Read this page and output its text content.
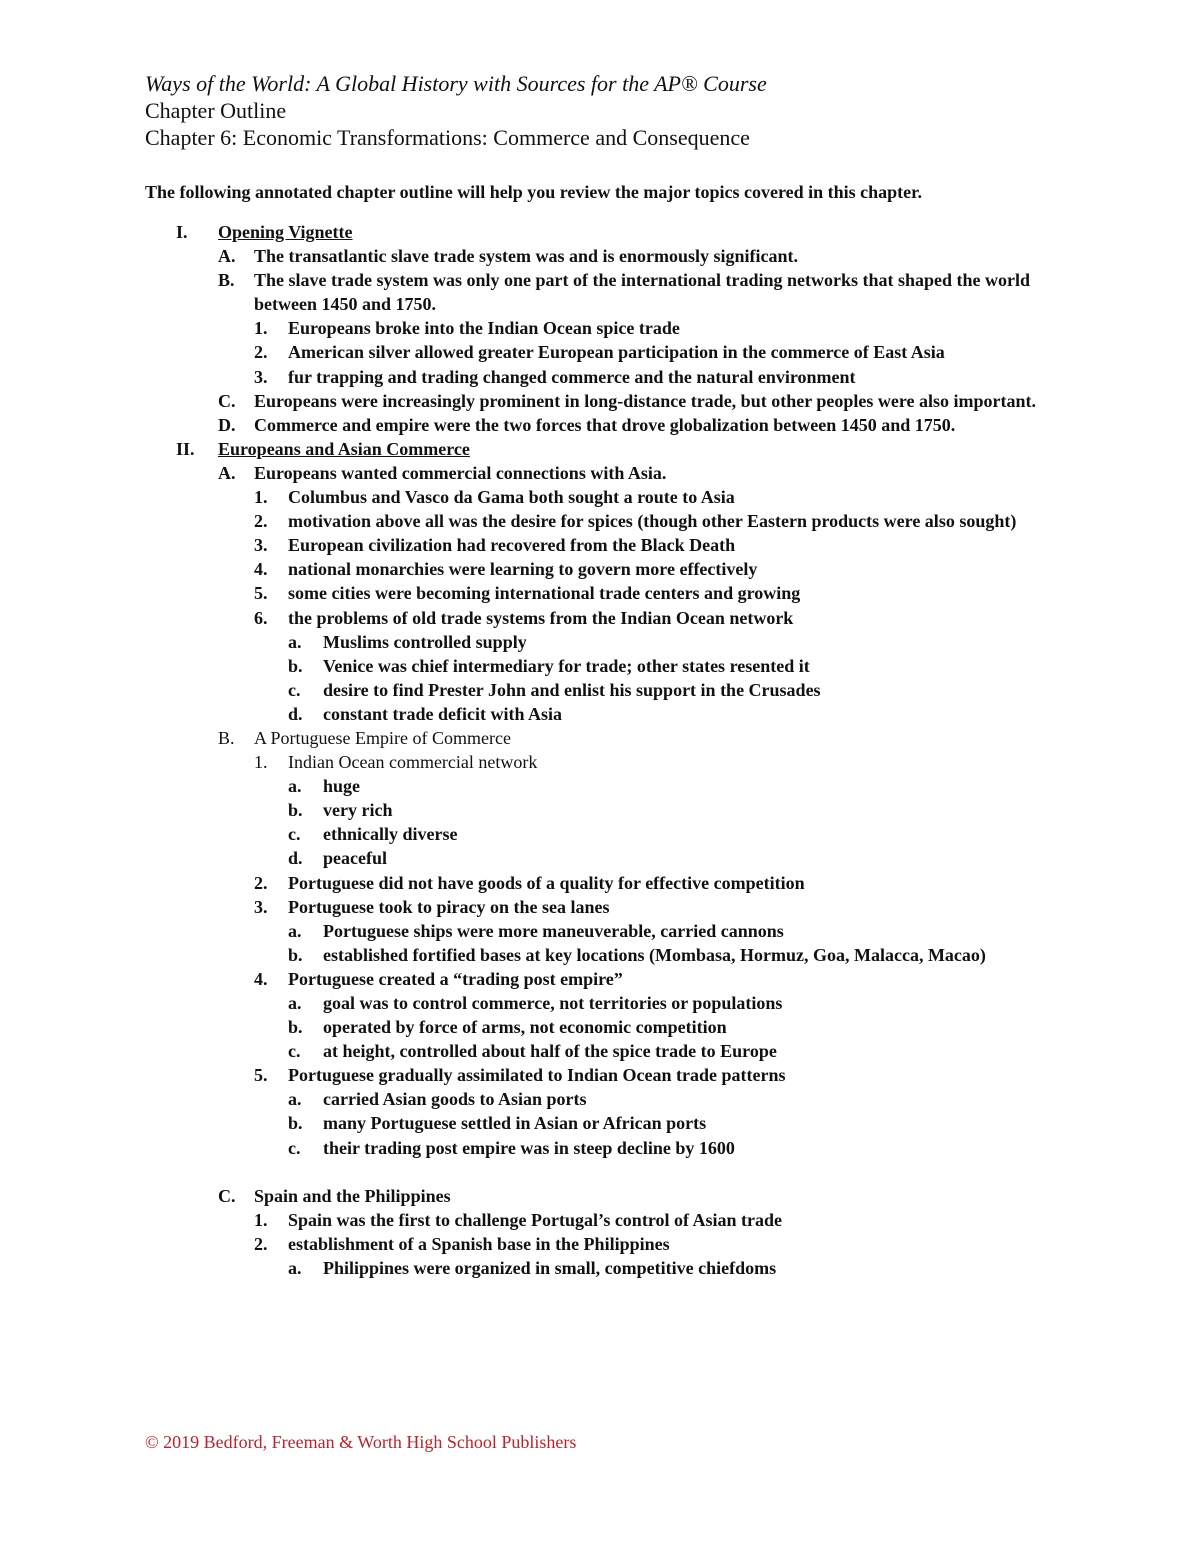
Ways of the World: A Global History with Sources for the AP® Course
Chapter Outline
Chapter 6: Economic Transformations: Commerce and Consequence
The following annotated chapter outline will help you review the major topics covered in this chapter.
I. Opening Vignette
A. The transatlantic slave trade system was and is enormously significant.
B. The slave trade system was only one part of the international trading networks that shaped the world between 1450 and 1750.
1. Europeans broke into the Indian Ocean spice trade
2. American silver allowed greater European participation in the commerce of East Asia
3. fur trapping and trading changed commerce and the natural environment
C. Europeans were increasingly prominent in long-distance trade, but other peoples were also important.
D. Commerce and empire were the two forces that drove globalization between 1450 and 1750.
II. Europeans and Asian Commerce
A. Europeans wanted commercial connections with Asia.
1. Columbus and Vasco da Gama both sought a route to Asia
2. motivation above all was the desire for spices (though other Eastern products were also sought)
3. European civilization had recovered from the Black Death
4. national monarchies were learning to govern more effectively
5. some cities were becoming international trade centers and growing
6. the problems of old trade systems from the Indian Ocean network
a. Muslims controlled supply
b. Venice was chief intermediary for trade; other states resented it
c. desire to find Prester John and enlist his support in the Crusades
d. constant trade deficit with Asia
B. A Portuguese Empire of Commerce
1. Indian Ocean commercial network
a. huge
b. very rich
c. ethnically diverse
d. peaceful
2. Portuguese did not have goods of a quality for effective competition
3. Portuguese took to piracy on the sea lanes
a. Portuguese ships were more maneuverable, carried cannons
b. established fortified bases at key locations (Mombasa, Hormuz, Goa, Malacca, Macao)
4. Portuguese created a “trading post empire”
a. goal was to control commerce, not territories or populations
b. operated by force of arms, not economic competition
c. at height, controlled about half of the spice trade to Europe
5. Portuguese gradually assimilated to Indian Ocean trade patterns
a. carried Asian goods to Asian ports
b. many Portuguese settled in Asian or African ports
c. their trading post empire was in steep decline by 1600
C. Spain and the Philippines
1. Spain was the first to challenge Portugal’s control of Asian trade
2. establishment of a Spanish base in the Philippines
a. Philippines were organized in small, competitive chiefdoms
© 2019 Bedford, Freeman & Worth High School Publishers
